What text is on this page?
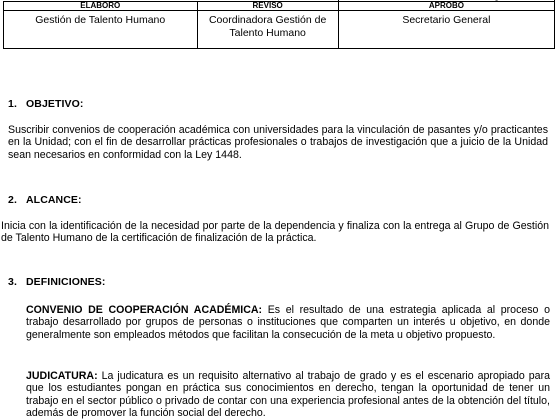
ELABORO	REVISO	APROBO
Gestión de Talento Humano	Coordinadora Gestión de Talento Humano	Secretario General
1. OBJETIVO:

Suscribir convenios de cooperación académica con universidades para la vinculación de pasantes y/o practicantes en la Unidad; con el fin de desarrollar prácticas profesionales o trabajos de investigación que a juicio de la Unidad sean necesarios en conformidad con la Ley 1448.

2. ALCANCE:

Inicia con la identificación de la necesidad por parte de la dependencia y finaliza con la entrega al Grupo de Gestión de Talento Humano de la certificación de finalización de la práctica.

3. DEFINICIONES:

CONVENIO DE COOPERACIÓN ACADÉMICA: Es el resultado de una estrategia aplicada al proceso o trabajo desarrollado por grupos de personas o instituciones que comparten un interés u objetivo, en donde generalmente son empleados métodos que facilitan la consecución de la meta u objetivo propuesto.

JUDICATURA: La judicatura es un requisito alternativo al trabajo de grado y es el escenario apropiado para que los estudiantes pongan en práctica sus conocimientos en derecho, tengan la oportunidad de tener un trabajo en el sector público o privado de contar con una experiencia profesional antes de la obtención del título, además de promover la función social del derecho.
